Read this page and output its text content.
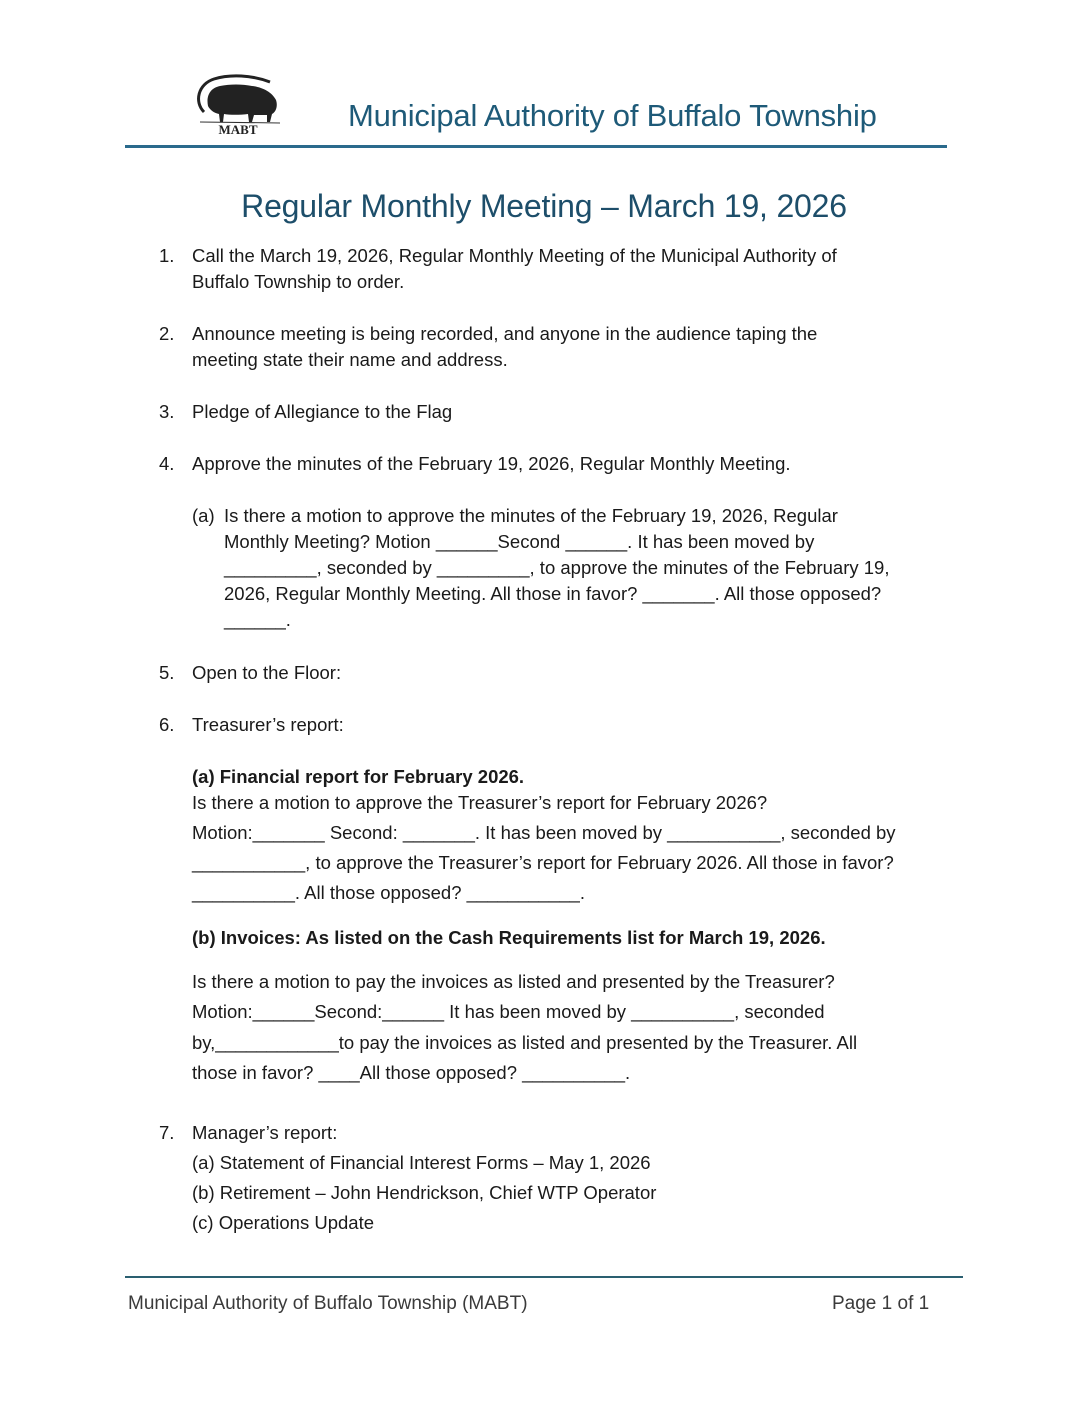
MABT	Municipal Authority of Buffalo Township
Regular Monthly Meeting – March 19, 2026
1. Call the March 19, 2026, Regular Monthly Meeting of the Municipal Authority of
Buffalo Township to order.
2. Announce meeting is being recorded, and anyone in the audience taping the
meeting state their name and address.
3. Pledge of Allegiance to the Flag
4. Approve the minutes of the February 19, 2026, Regular Monthly Meeting.
(a) Is there a motion to approve the minutes of the February 19, 2026, Regular
Monthly Meeting? Motion ______Second ______. It has been moved by
_________, seconded by _________, to approve the minutes of the February 19,
2026, Regular Monthly Meeting. All those in favor? _______. All those opposed?
______.
5. Open to the Floor:
6. Treasurer’s report:
(a) Financial report for February 2026.
Is there a motion to approve the Treasurer’s report for February 2026?
Motion:_______ Second: _______. It has been moved by ___________, seconded by
___________, to approve the Treasurer’s report for February 2026. All those in favor?
__________. All those opposed? ___________.
(b) Invoices: As listed on the Cash Requirements list for March 19, 2026.
Is there a motion to pay the invoices as listed and presented by the Treasurer?
Motion:______Second:______ It has been moved by __________, seconded
by,____________to pay the invoices as listed and presented by the Treasurer. All
those in favor? ____All those opposed? __________.
7. Manager’s report:
(a) Statement of Financial Interest Forms – May 1, 2026
(b) Retirement – John Hendrickson, Chief WTP Operator
(c) Operations Update
Municipal Authority of Buffalo Township (MABT)	Page 1 of 1
